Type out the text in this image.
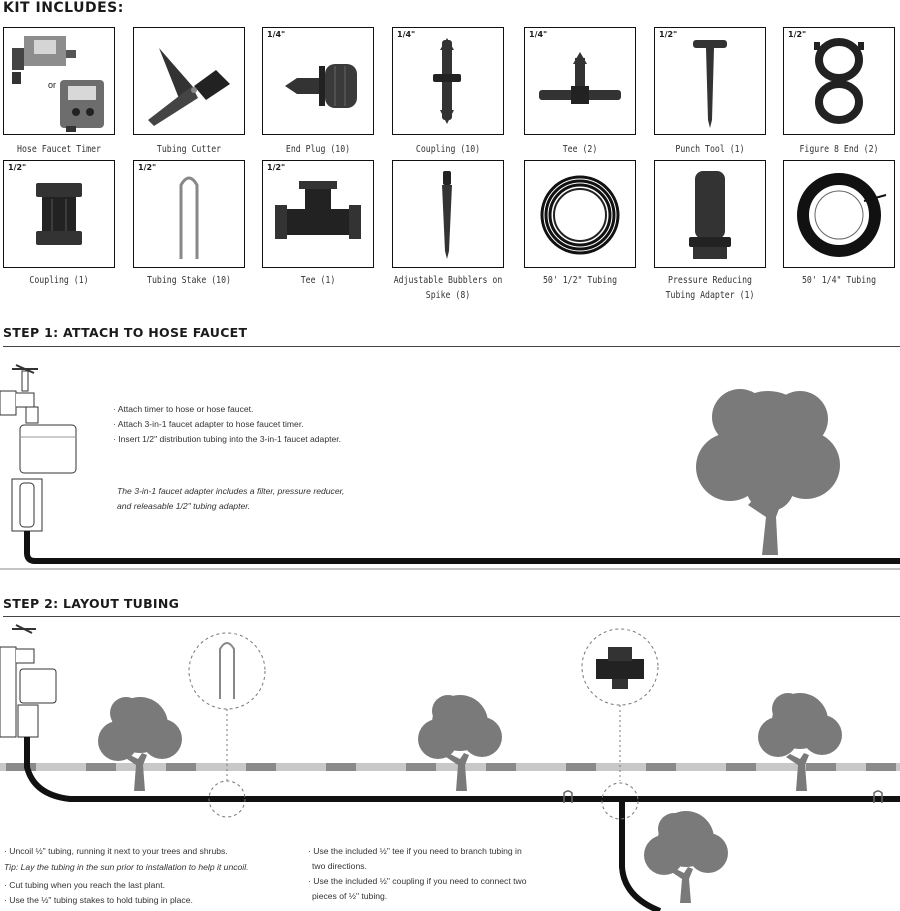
KIT INCLUDES:
or
Hose Faucet Timer	Tubing Cutter
1/4"
End Plug (10)
1/4"
Coupling (10)
1/4"
Tee (2)
1/2"
Punch Tool (1)
1/2"
Figure 8 End (2)
1/2"
Coupling (1)
1/2"
Tubing Stake (10)
1/2"
Tee (1)	Adjustable Bubblers on Spike (8)
50' 1/2" Tubing	Pressure Reducing Tubing Adapter (1)
50' 1/4" Tubing
STEP 1: ATTACH TO HOSE FAUCET
· Attach timer to hose or hose faucet.
· Attach 3-in-1 faucet adapter to hose faucet timer.
· Insert 1/2" distribution tubing into the 3-in-1 faucet adapter.
The 3-in-1 faucet adapter includes a filter, pressure reducer,
and releasable 1/2" tubing adapter.
STEP 2: LAYOUT TUBING
· Uncoil ½" tubing, running it next to your trees and shrubs.
Tip: Lay the tubing in the sun prior to installation to help it uncoil.
· Cut tubing when you reach the last plant.
· Use the ½" tubing stakes to hold tubing in place.
· Use the included ½" tee if you need to branch tubing in
two directions.
· Use the included ½" coupling if you need to connect two
pieces of ½" tubing.
